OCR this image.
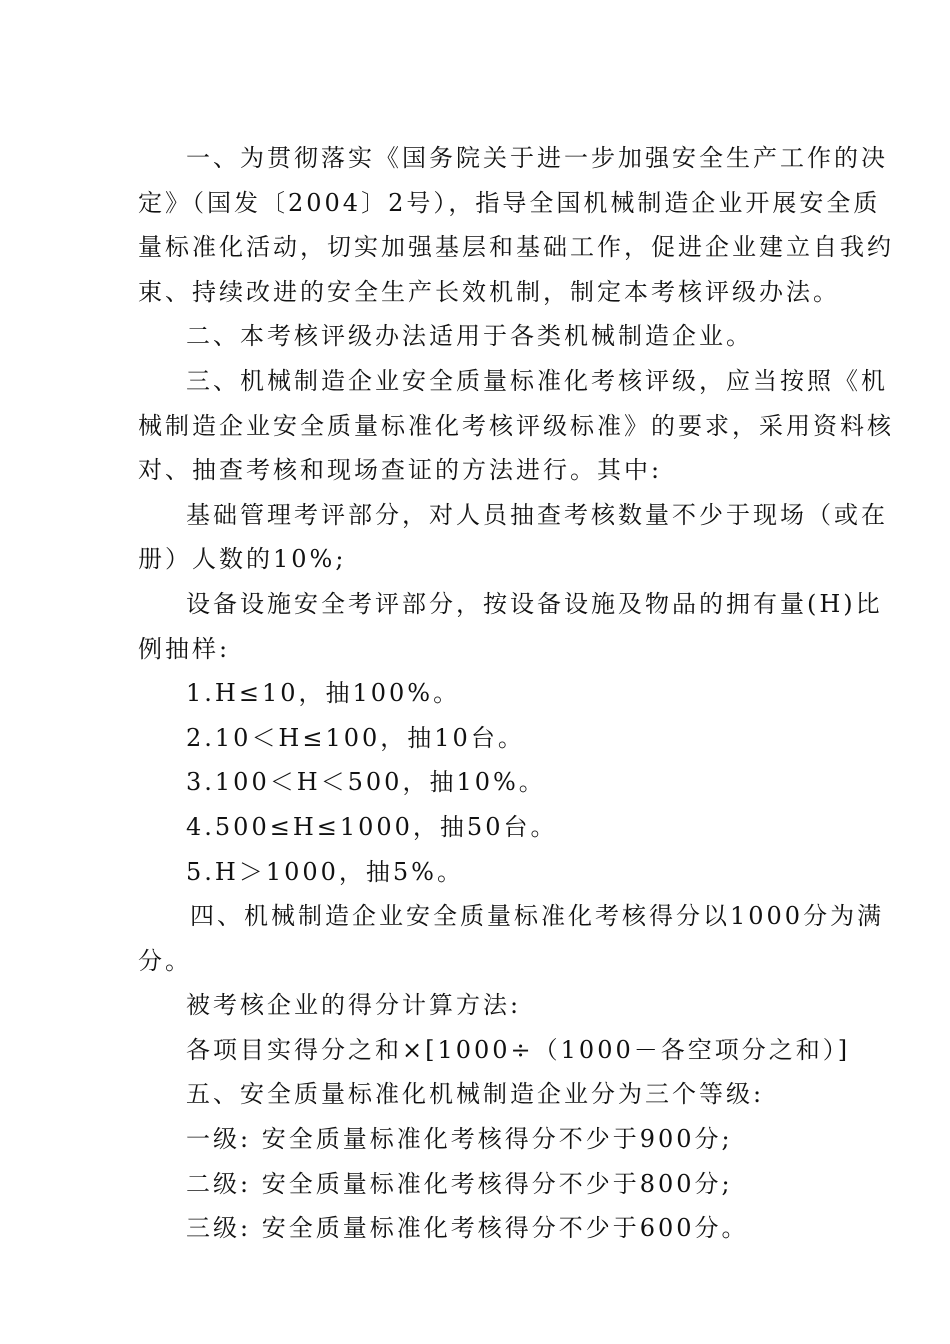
一、为贯彻落实《国务院关于进一步加强安全生产工作的决
定》（国发〔2004〕2号），指导全国机械制造企业开展安全质
量标准化活动，切实加强基层和基础工作，促进企业建立自我约
束、持续改进的安全生产长效机制，制定本考核评级办法。
二、本考核评级办法适用于各类机械制造企业。
三、机械制造企业安全质量标准化考核评级，应当按照《机
械制造企业安全质量标准化考核评级标准》的要求，采用资料核
对、抽查考核和现场查证的方法进行。其中:
基础管理考评部分，对人员抽查考核数量不少于现场（或在
册）人数的10%;
设备设施安全考评部分，按设备设施及物品的拥有量(H)比
例抽样:
1.H≤10，抽100%。
2.10＜H≤100，抽10台。
3.100＜H＜500，抽10%。
4.500≤H≤1000，抽50台。
5.H＞1000，抽5%。
四、机械制造企业安全质量标准化考核得分以1000分为满
分。
被考核企业的得分计算方法:
各项目实得分之和×[1000÷（1000－各空项分之和）]
五、安全质量标准化机械制造企业分为三个等级:
一级: 安全质量标准化考核得分不少于900分;
二级: 安全质量标准化考核得分不少于800分;
三级: 安全质量标准化考核得分不少于600分。
